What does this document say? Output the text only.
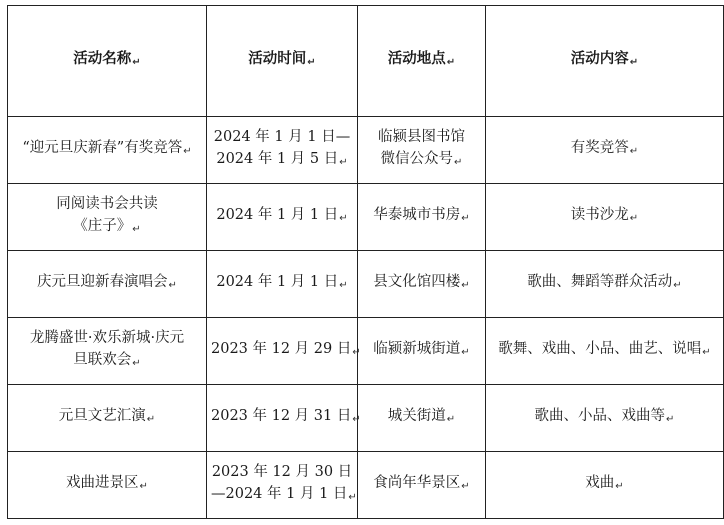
活动名称↵	活动时间↵	活动地点↵	活动内容↵

“迎元旦庆新春”有奖竞答↵	2024 年 1 月 1 日—
2024 年 1 月 5 日↵	临颍县图书馆
微信公众号↵	有奖竞答↵

同阅读书会共读
《庄子》↵	2024 年 1 月 1 日↵	华泰城市书房↵	读书沙龙↵

庆元旦迎新春演唱会↵	2024 年 1 月 1 日↵	县文化馆四楼↵	歌曲、舞蹈等群众活动↵

龙腾盛世·欢乐新城·庆元
旦联欢会↵	2023 年 12 月 29 日↵	临颍新城街道↵	歌舞、戏曲、小品、曲艺、说唱↵

元旦文艺汇演↵	2023 年 12 月 31 日↵	城关街道↵	歌曲、小品、戏曲等↵

戏曲进景区↵	2023 年 12 月 30 日
—2024 年 1 月 1 日↵	食尚年华景区↵	戏曲↵
